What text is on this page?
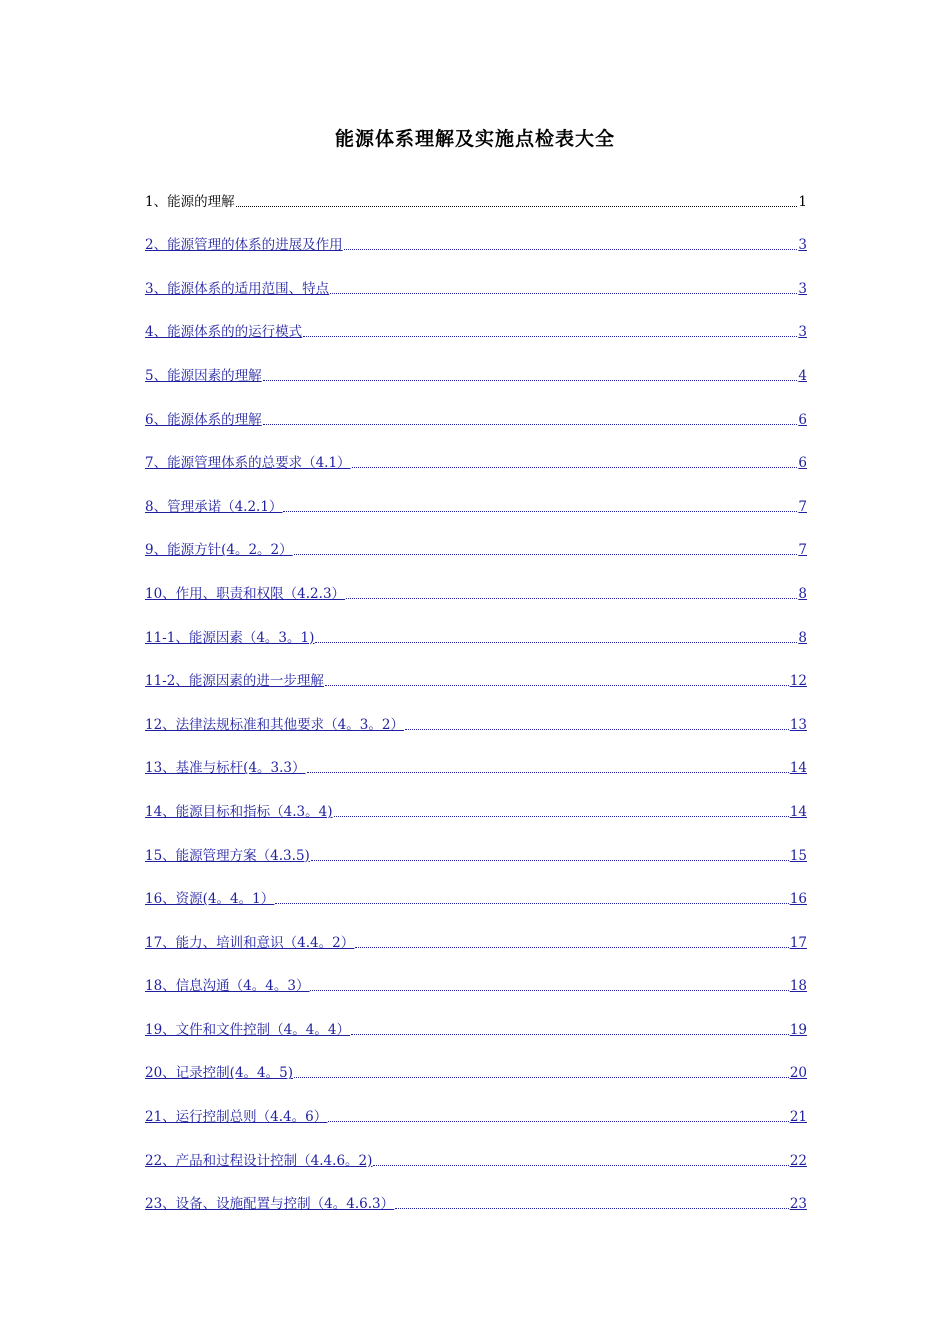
能源体系理解及实施点检表大全
1、能源的理解	1
2、能源管理的体系的进展及作用	3
3、能源体系的适用范围、特点	3
4、能源体系的的运行模式	3
5、能源因素的理解	4
6、能源体系的理解	6
7、能源管理体系的总要求（4.1）	6
8、管理承诺（4.2.1）	7
9、能源方针(4。2。2）	7
10、作用、职责和权限（4.2.3）	8
11-1、能源因素（4。3。1)	8
11-2、能源因素的进一步理解	12
12、法律法规标准和其他要求（4。3。2）	13
13、基准与标杆(4。3.3）	14
14、能源目标和指标（4.3。4)	14
15、能源管理方案（4.3.5)	15
16、资源(4。4。1）	16
17、能力、培训和意识（4.4。2）	17
18、信息沟通（4。4。3）	18
19、文件和文件控制（4。4。4）	19
20、记录控制(4。4。5)	20
21、运行控制总则（4.4。6）	21
22、产品和过程设计控制（4.4.6。2)	22
23、设备、设施配置与控制（4。4.6.3）	23
